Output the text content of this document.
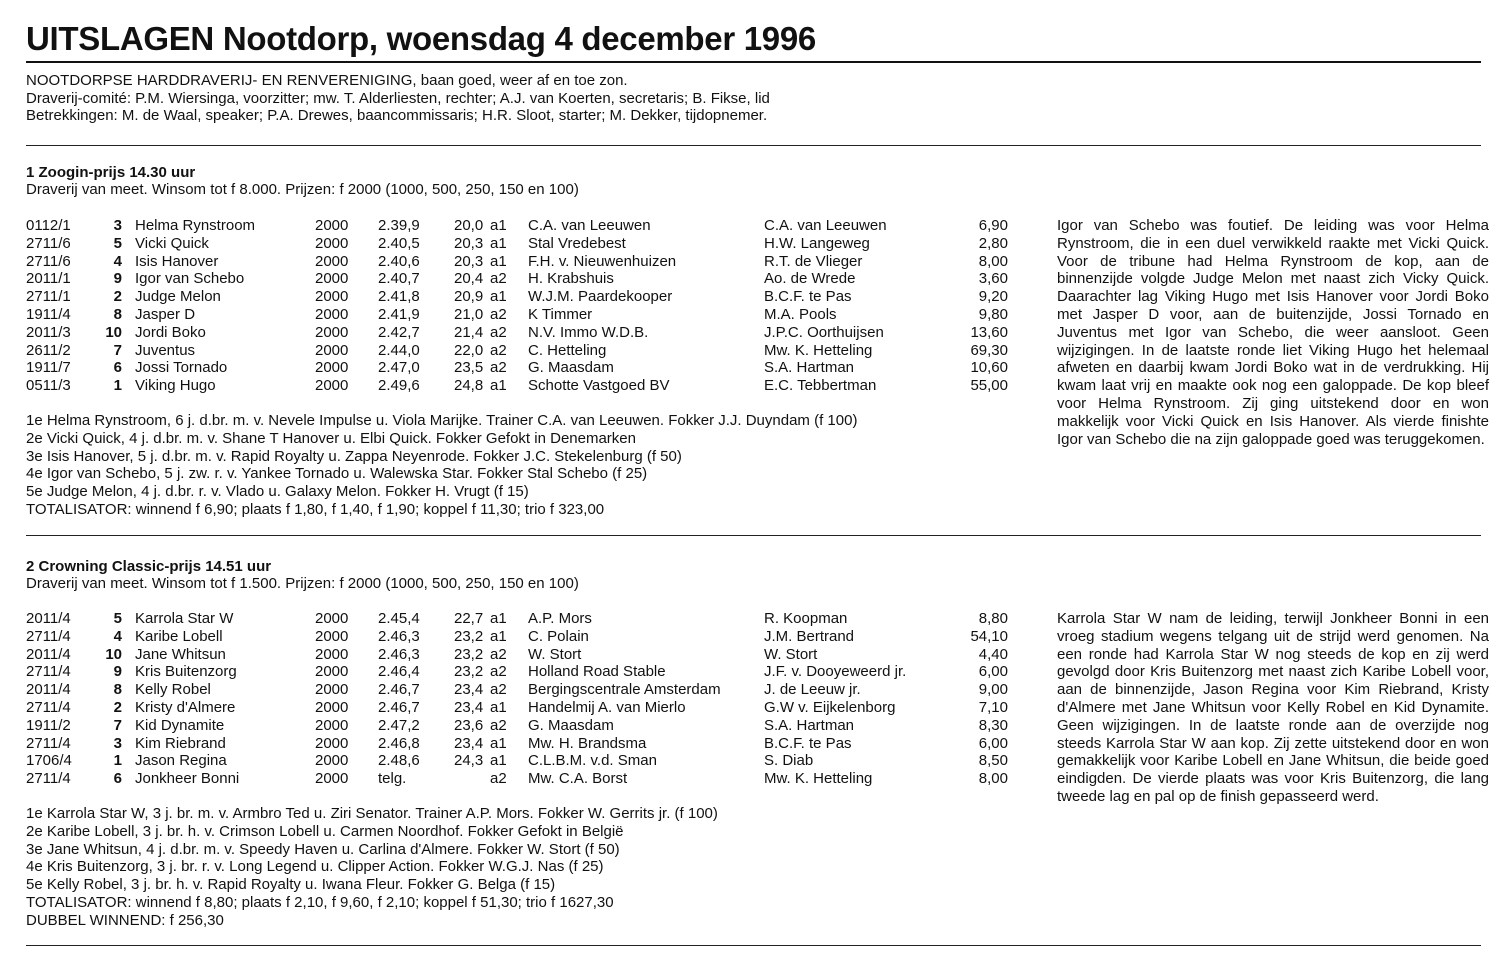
UITSLAGEN Nootdorp, woensdag 4 december 1996
NOOTDORPSE HARDDRAVERIJ- EN RENVERENIGING, baan goed, weer af en toe zon.
Draverij-comité: P.M. Wiersinga, voorzitter; mw. T. Alderliesten, rechter; A.J. van Koerten, secretaris; B. Fikse, lid
Betrekkingen: M. de Waal, speaker; P.A. Drewes, baancommissaris; H.R. Sloot, starter; M. Dekker, tijdopnemer.
1 Zoogin-prijs 14.30 uur
Draverij van meet. Winsom tot f 8.000. Prijzen: f 2000 (1000, 500, 250, 150 en 100)
0112/1	3 Helma Rynstroom	2000 2.39,9 20,0 a1 C.A. van Leeuwen	C.A. van Leeuwen	6,90
2711/6	5 Vicki Quick	2000 2.40,5 20,3 a1 Stal Vredebest	H.W. Langeweg	2,80
2711/6	4 Isis Hanover	2000 2.40,6 20,3 a1 F.H. v. Nieuwenhuizen	R.T. de Vlieger	8,00
2011/1	9 Igor van Schebo	2000 2.40,7 20,4 a2 H. Krabshuis	Ao. de Wrede	3,60
2711/1	2 Judge Melon	2000 2.41,8 20,9 a1 W.J.M. Paardekooper	B.C.F. te Pas	9,20
1911/4	8 Jasper D	2000 2.41,9 21,0 a2 K Timmer	M.A. Pools	9,80
2011/3 10 Jordi Boko	2000 2.42,7 21,4 a2 N.V. Immo W.D.B.	J.P.C. Oorthuijsen	13,60
2611/2	7 Juventus	2000 2.44,0 22,0 a2 C. Hetteling	Mw. K. Hetteling	69,30
1911/7	6 Jossi Tornado	2000 2.47,0 23,5 a2 G. Maasdam	S.A. Hartman	10,60
0511/3	1 Viking Hugo	2000 2.49,6 24,8 a1 Schotte Vastgoed BV	E.C. Tebbertman	55,00
1e Helma Rynstroom, 6 j. d.br. m. v. Nevele Impulse u. Viola Marijke. Trainer C.A. van Leeuwen. Fokker J.J. Duyndam (f 100)
2e Vicki Quick, 4 j. d.br. m. v. Shane T Hanover u. Elbi Quick. Fokker Gefokt in Denemarken
3e Isis Hanover, 5 j. d.br. m. v. Rapid Royalty u. Zappa Neyenrode. Fokker J.C. Stekelenburg (f 50)
4e Igor van Schebo, 5 j. zw. r. v. Yankee Tornado u. Walewska Star. Fokker Stal Schebo (f 25)
5e Judge Melon, 4 j. d.br. r. v. Vlado u. Galaxy Melon. Fokker H. Vrugt (f 15)
TOTALISATOR: winnend f 6,90; plaats f 1,80, f 1,40, f 1,90; koppel f 11,30; trio f 323,00
Igor van Schebo was foutief. De leiding was voor Helma Rynstroom, die in een duel verwikkeld raakte met Vicki Quick. Voor de tribune had Helma Rynstroom de kop, aan de binnenzijde volgde Judge Melon met naast zich Vicky Quick. Daarachter lag Viking Hugo met Isis Hanover voor Jordi Boko met Jasper D voor, aan de buitenzijde, Jossi Tornado en Juventus met Igor van Schebo, die weer aansloot. Geen wijzigingen. In de laatste ronde liet Viking Hugo het helemaal afweten en daarbij kwam Jordi Boko wat in de verdrukking. Hij kwam laat vrij en maakte ook nog een galoppade. De kop bleef voor Helma Rynstroom. Zij ging uitstekend door en won makkelijk voor Vicki Quick en Isis Hanover. Als vierde finishte Igor van Schebo die na zijn galoppade goed was teruggekomen.
2 Crowning Classic-prijs 14.51 uur
Draverij van meet. Winsom tot f 1.500. Prijzen: f 2000 (1000, 500, 250, 150 en 100)
2011/4	5 Karrola Star W	2000 2.45,4 22,7 a1 A.P. Mors	R. Koopman	8,80
2711/4	4 Karibe Lobell	2000 2.46,3 23,2 a1 C. Polain	J.M. Bertrand	54,10
2011/4 10 Jane Whitsun	2000 2.46,3 23,2 a2 W. Stort	W. Stort	4,40
2711/4	9 Kris Buitenzorg	2000 2.46,4 23,2 a2 Holland Road Stable	J.F. v. Dooyeweerd jr.	6,00
2011/4	8 Kelly Robel	2000 2.46,7 23,4 a2 Bergingscentrale Amsterdam	J. de Leeuw jr.	9,00
2711/4	2 Kristy d'Almere	2000 2.46,7 23,4 a1 Handelmij A. van Mierlo	G.W v. Eijkelenborg	7,10
1911/2	7 Kid Dynamite	2000 2.47,2 23,6 a2 G. Maasdam	S.A. Hartman	8,30
2711/4	3 Kim Riebrand	2000 2.46,8 23,4 a1 Mw. H. Brandsma	B.C.F. te Pas	6,00
1706/4	1 Jason Regina	2000 2.48,6 24,3 a1 C.L.B.M. v.d. Sman	S. Diab	8,50
2711/4	6 Jonkheer Bonni	2000 telg.	a2 Mw. C.A. Borst	Mw. K. Hetteling	8,00
1e Karrola Star W, 3 j. br. m. v. Armbro Ted u. Ziri Senator. Trainer A.P. Mors. Fokker W. Gerrits jr. (f 100)
2e Karibe Lobell, 3 j. br. h. v. Crimson Lobell u. Carmen Noordhof. Fokker Gefokt in België
3e Jane Whitsun, 4 j. d.br. m. v. Speedy Haven u. Carlina d'Almere. Fokker W. Stort (f 50)
4e Kris Buitenzorg, 3 j. br. r. v. Long Legend u. Clipper Action. Fokker W.G.J. Nas (f 25)
5e Kelly Robel, 3 j. br. h. v. Rapid Royalty u. Iwana Fleur. Fokker G. Belga (f 15)
TOTALISATOR: winnend f 8,80; plaats f 2,10, f 9,60, f 2,10; koppel f 51,30; trio f 1627,30
DUBBEL WINNEND: f 256,30
Karrola Star W nam de leiding, terwijl Jonkheer Bonni in een vroeg stadium wegens telgang uit de strijd werd genomen. Na een ronde had Karrola Star W nog steeds de kop en zij werd gevolgd door Kris Buitenzorg met naast zich Karibe Lobell voor, aan de binnenzijde, Jason Regina voor Kim Riebrand, Kristy d'Almere met Jane Whitsun voor Kelly Robel en Kid Dynamite. Geen wijzigingen. In de laatste ronde aan de overzijde nog steeds Karrola Star W aan kop. Zij zette uitstekend door en won gemakkelijk voor Karibe Lobell en Jane Whitsun, die beide goed eindigden. De vierde plaats was voor Kris Buitenzorg, die lang tweede lag en pal op de finish gepasseerd werd.
